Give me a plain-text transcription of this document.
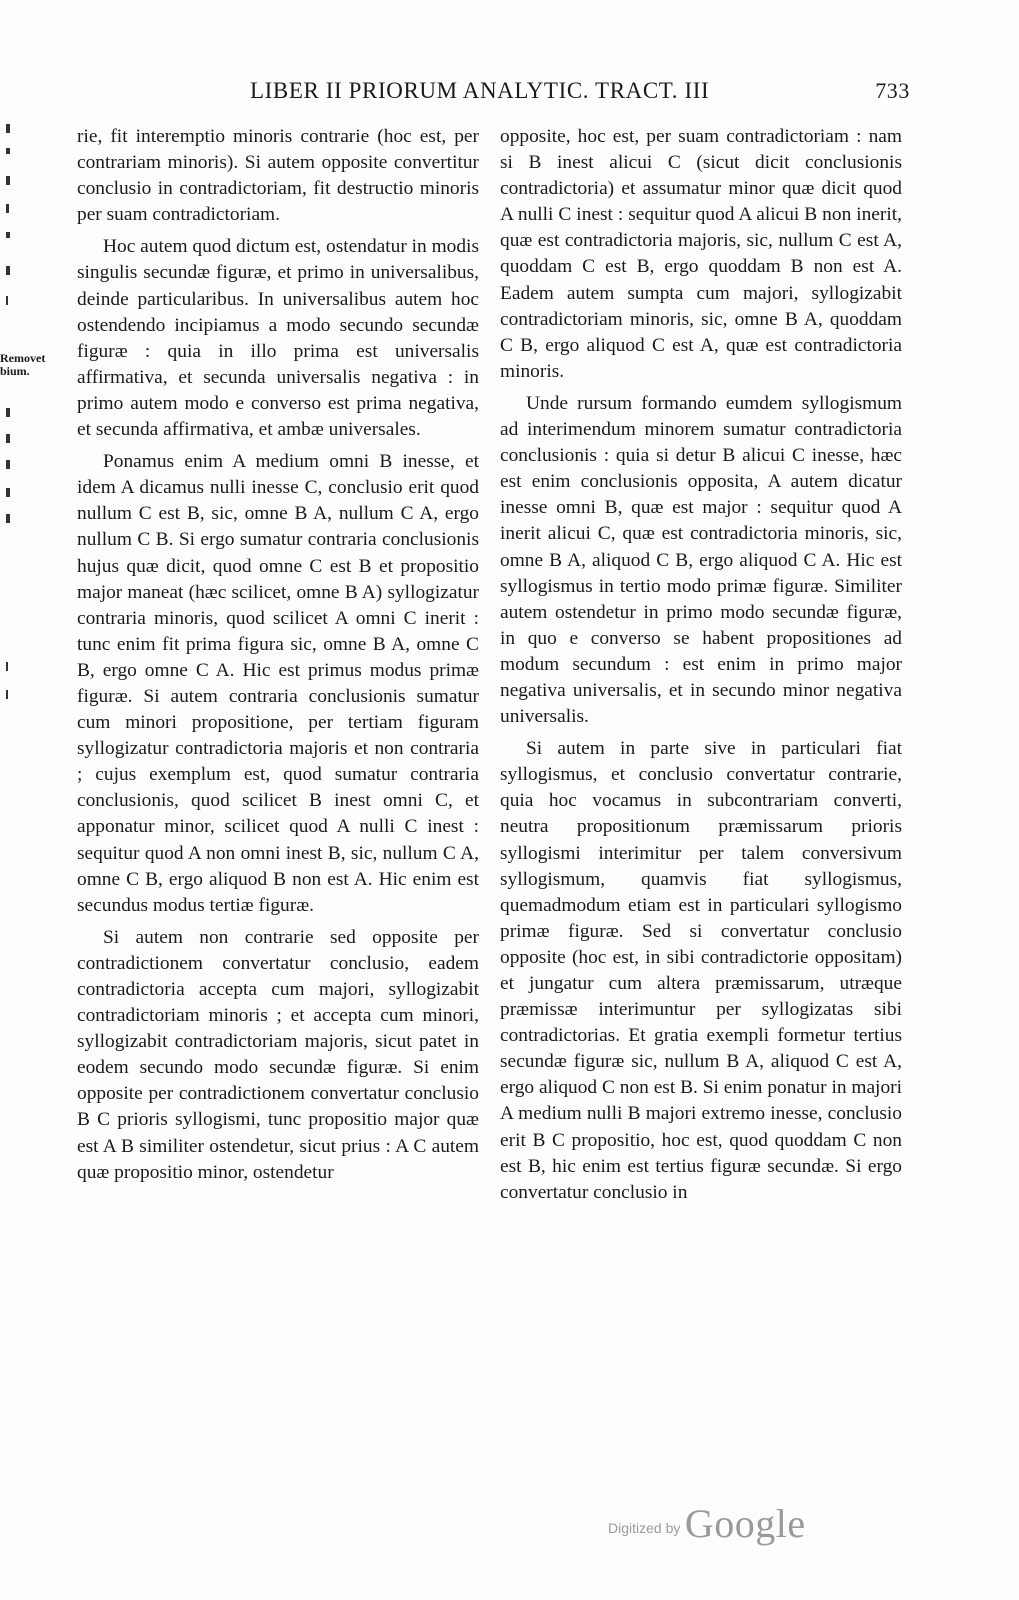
LIBER II PRIORUM ANALYTIC. TRACT. III	733
Removet
bium.

rie, fit interemptio minoris contrarie (hoc est, per contrariam minoris). Si autem opposite convertitur conclusio in contradictoriam, fit destructio minoris per suam contradictoriam.

Hoc autem quod dictum est, ostendatur in modis singulis secundæ figuræ, et primo in universalibus, deinde particularibus. In universalibus autem hoc ostendendo incipiamus a modo secundo secundæ figuræ : quia in illo prima est universalis affirmativa, et secunda universalis negativa : in primo autem modo e converso est prima negativa, et secunda affirmativa, et ambæ universales.

Ponamus enim A medium omni B inesse, et idem A dicamus nulli inesse C, conclusio erit quod nullum C est B, sic, omne B A, nullum C A, ergo nullum C B. Si ergo sumatur contraria conclusionis hujus quæ dicit, quod omne C est B et propositio major maneat (hæc scilicet, omne B A) syllogizatur contraria minoris, quod scilicet A omni C inerit : tunc enim fit prima figura sic, omne B A, omne C B, ergo omne C A. Hic est primus modus primæ figuræ. Si autem contraria conclusionis sumatur cum minori propositione, per tertiam figuram syllogizatur contradictoria majoris et non contraria ; cujus exemplum est, quod sumatur contraria conclusionis, quod scilicet B inest omni C, et apponatur minor, scilicet quod A nulli C inest : sequitur quod A non omni inest B, sic, nullum C A, omne C B, ergo aliquod B non est A. Hic enim est secundus modus tertiæ figuræ.

Si autem non contrarie sed opposite per contradictionem convertatur conclusio, eadem contradictoria accepta cum majori, syllogizabit contradictoriam minoris ; et accepta cum minori, syllogizabit contradictoriam majoris, sicut patet in eodem secundo modo secundæ figuræ. Si enim opposite per contradictionem convertatur conclusio B C prioris syllogismi, tunc propositio major quæ est A B similiter ostendetur, sicut prius : A C autem quæ propositio minor, ostendetur

opposite, hoc est, per suam contradictoriam : nam si B inest alicui C (sicut dicit conclusionis contradictoria) et assumatur minor quæ dicit quod A nulli C inest : sequitur quod A alicui B non inerit, quæ est contradictoria majoris, sic, nullum C est A, quoddam C est B, ergo quoddam B non est A. Eadem autem sumpta cum majori, syllogizabit contradictoriam minoris, sic, omne B A, quoddam C B, ergo aliquod C est A, quæ est contradictoria minoris.

Unde rursum formando eumdem syllogismum ad interimendum minorem sumatur contradictoria conclusionis : quia si detur B alicui C inesse, hæc est enim conclusionis opposita, A autem dicatur inesse omni B, quæ est major : sequitur quod A inerit alicui C, quæ est contradictoria minoris, sic, omne B A, aliquod C B, ergo aliquod C A. Hic est syllogismus in tertio modo primæ figuræ. Similiter autem ostendetur in primo modo secundæ figuræ, in quo e converso se habent propositiones ad modum secundum : est enim in primo major negativa universalis, et in secundo minor negativa universalis.

Si autem in parte sive in particulari fiat syllogismus, et conclusio convertatur contrarie, quia hoc vocamus in subcontrariam converti, neutra propositionum præmissarum prioris syllogismi interimitur per talem conversivum syllogismum, quamvis fiat syllogismus, quemadmodum etiam est in particulari syllogismo primæ figuræ. Sed si convertatur conclusio opposite (hoc est, in sibi contradictorie oppositam) et jungatur cum altera præmissarum, utræque præmissæ interimuntur per syllogizatas sibi contradictorias. Et gratia exempli formetur tertius secundæ figuræ sic, nullum B A, aliquod C est A, ergo aliquod C non est B. Si enim ponatur in majori A medium nulli B majori extremo inesse, conclusio erit B C propositio, hoc est, quod quoddam C non est B, hic enim est tertius figuræ secundæ. Si ergo convertatur conclusio in

Digitized by Google
